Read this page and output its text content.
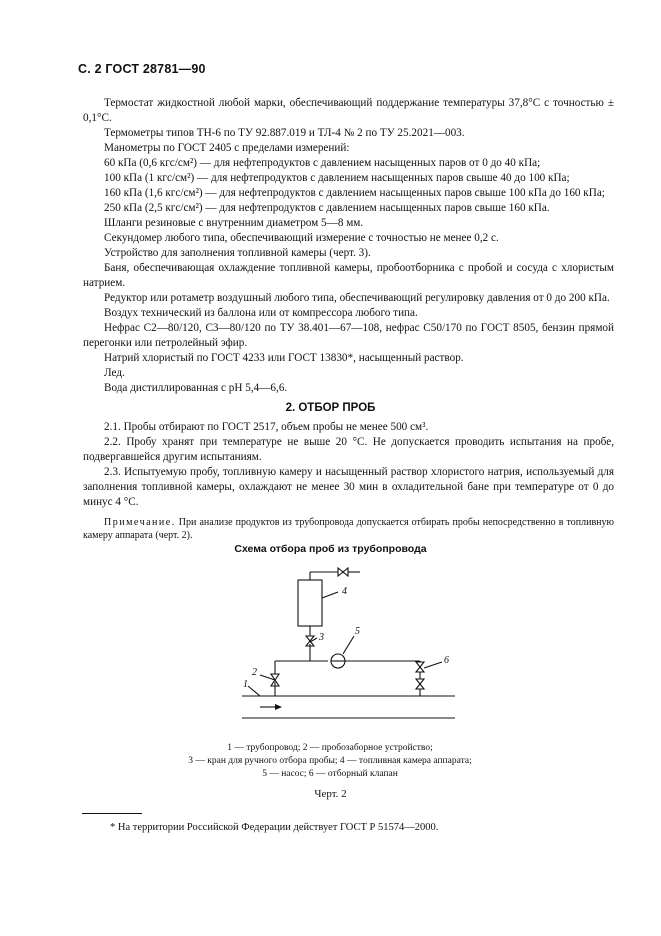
С. 2 ГОСТ 28781—90
2. ОТБОР ПРОБ
2.1. Пробы отбирают по ГОСТ 2517, объем пробы не менее 500 см³.
2.2. Пробу хранят при температуре не выше 20 °С. Не допускается проводить испытания на пробе, подвергавшейся другим испытаниям.
2.3. Испытуемую пробу, топливную камеру и насыщенный раствор хлористого натрия, используемый для заполнения топливной камеры, охлаждают не менее 30 мин в охладительной бане при температуре от 0 до минус 4 °С.
Примечание. При анализе продуктов из трубопровода допускается отбирать пробы непосредственно в топливную камеру аппарата (черт. 2).
Схема отбора проб из трубопровода
4
3
5
6
2
1
1 — трубопровод; 2 — пробозаборное устройство;
3 — кран для ручного отбора пробы; 4 — топливная камера аппарата;
5 — насос; 6 — отборный клапан
Черт. 2
* На территории Российской Федерации действует ГОСТ Р 51574—2000.
Термостат жидкостной любой марки, обеспечивающий поддержание температуры 37,8°С с точностью ± 0,1°С.
Термометры типов ТН-6 по ТУ 92.887.019 и ТЛ-4 № 2 по ТУ 25.2021—003.
Манометры по ГОСТ 2405 с пределами измерений:
60 кПа (0,6 кгс/см²) — для нефтепродуктов с давлением насыщенных паров от 0 до 40 кПа;
100 кПа (1 кгс/см²) — для нефтепродуктов с давлением насыщенных паров свыше 40 до 100 кПа;
160 кПа (1,6 кгс/см²) — для нефтепродуктов с давлением насыщенных паров свыше 100 кПа до 160 кПа;
250 кПа (2,5 кгс/см²) — для нефтепродуктов с давлением насыщенных паров свыше 160 кПа.
Шланги резиновые с внутренним диаметром 5—8 мм.
Секундомер любого типа, обеспечивающий измерение с точностью не менее 0,2 с.
Устройство для заполнения топливной камеры (черт. 3).
Баня, обеспечивающая охлаждение топливной камеры, пробоотборника с пробой и сосуда с хлористым натрием.
Редуктор или ротаметр воздушный любого типа, обеспечивающий регулировку давления от 0 до 200 кПа.
Воздух технический из баллона или от компрессора любого типа.
Нефрас С2—80/120, С3—80/120 по ТУ 38.401—67—108, нефрас С50/170 по ГОСТ 8505, бензин прямой перегонки или петролейный эфир.
Натрий хлористый по ГОСТ 4233 или ГОСТ 13830*, насыщенный раствор.
Лед.
Вода дистиллированная с pH 5,4—6,6.
